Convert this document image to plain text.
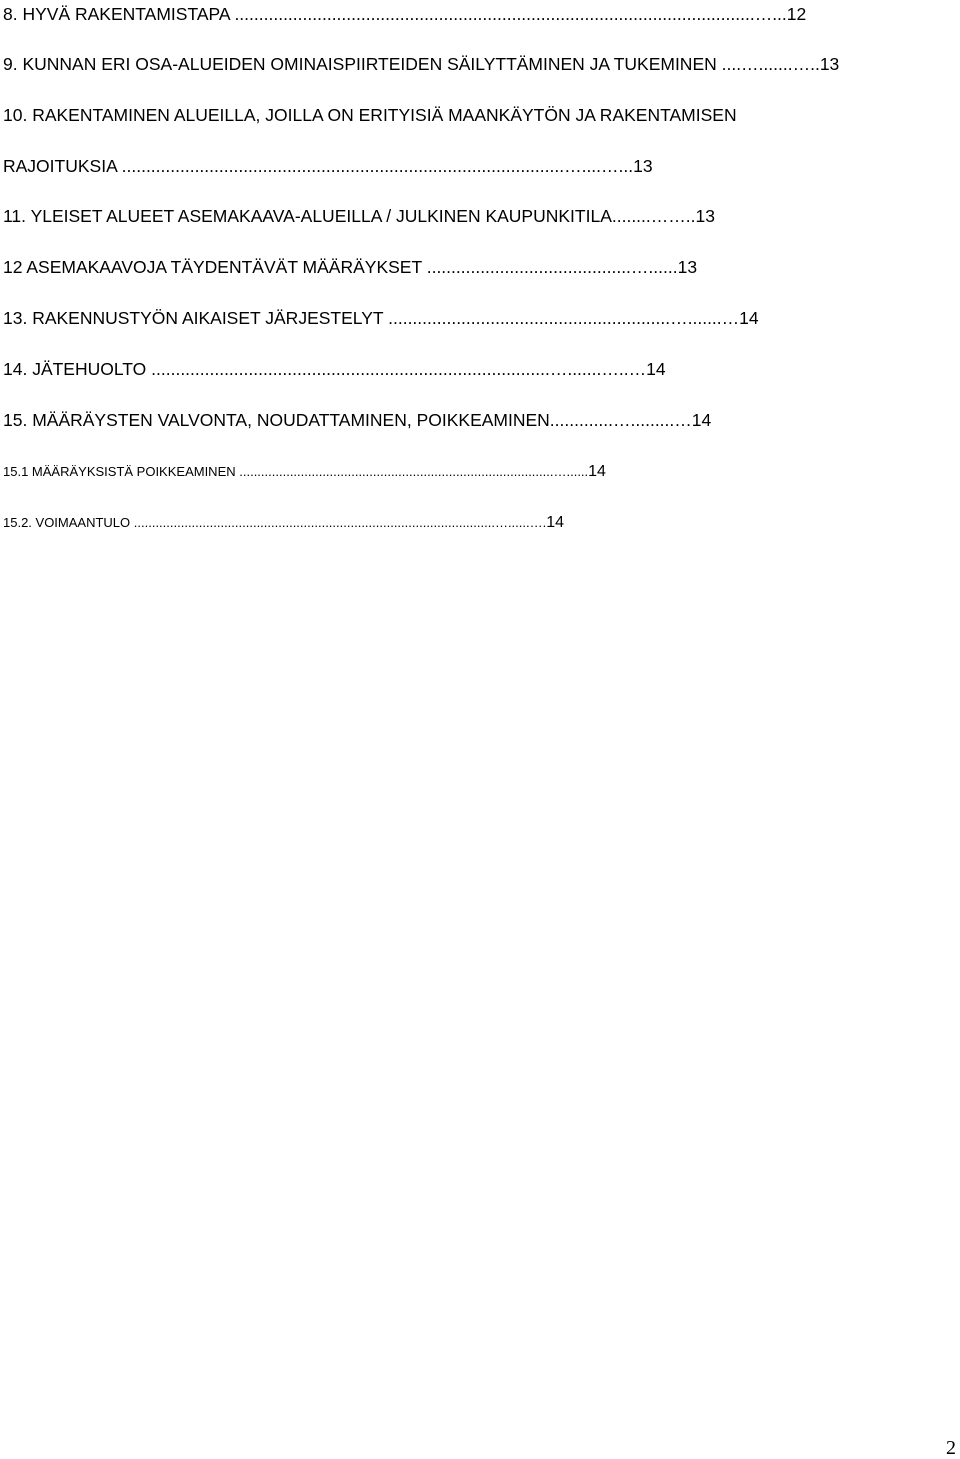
8. HYVÄ RAKENTAMISTAPA ...........................................................................................................…...12
9. KUNNAN ERI OSA-ALUEIDEN OMINAISPIIRTEIDEN SÄILYTTÄMINEN JA TUKEMINEN ....….......…..13
10. RAKENTAMINEN ALUEILLA, JOILLA ON ERITYISIÄ MAANKÄYTÖN JA RAKENTAMISEN
RAJOITUKSIA ...........................................................................................…....…...13
11. YLEISET ALUEET ASEMAKAAVA-ALUEILLA / JULKINEN KAUPUNKITILA........……..13
12 ASEMAKAAVOJA TÄYDENTÄVÄT MÄÄRÄYKSET ..........................................…......13
13. RAKENNUSTYÖN AIKAISET JÄRJESTELYT ..........................................................….......…14
14. JÄTEHUOLTO ..................................................................................….......…..…14
15. MÄÄRÄYSTEN VALVONTA, NOUDATTAMINEN, POIKKEAMINEN.............….........…14
15.1 MÄÄRÄYKSISTÄ POIKKEAMINEN .......................................................................................…......14
15.2. VOIMAANTULO ....................................................................................................…......….14
2
